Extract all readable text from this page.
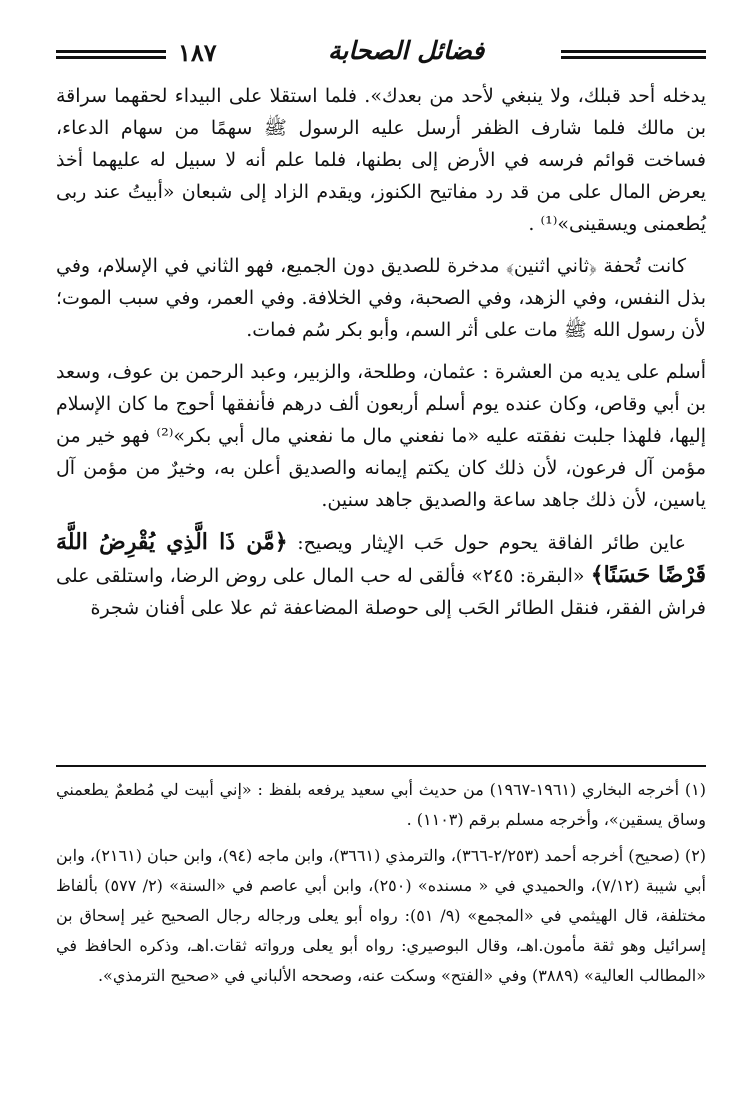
١٨٧	فضائل الصحابة

يدخله أحد قبلك، ولا ينبغي لأحد من بعدك». فلما استقلا على البيداء لحقهما سراقة بن مالك فلما شارف الظفر أرسل عليه الرسول ﷺ سهمًا من سهام الدعاء، فساخت قوائم فرسه في الأرض إلى بطنها، فلما علم أنه لا سبيل له عليهما أخذ يعرض المال على من قد رد مفاتيح الكنوز، ويقدم الزاد إلى شبعان «أبيتُ عند ربى يُطعمنى ويسقينى»⁽¹⁾ .

كانت تُحفة ﴿ثاني اثنين﴾ مدخرة للصديق دون الجميع، فهو الثاني في الإسلام، وفي بذل النفس، وفي الزهد، وفي الصحبة، وفي الخلافة. وفي العمر، وفي سبب الموت؛ لأن رسول الله ﷺ مات على أثر السم، وأبو بكر سُم فمات.

أسلم على يديه من العشرة : عثمان، وطلحة، والزبير، وعبد الرحمن بن عوف، وسعد بن أبي وقاص، وكان عنده يوم أسلم أربعون ألف درهم فأنفقها أحوج ما كان الإسلام إليها، فلهذا جلبت نفقته عليه «ما نفعني مال ما نفعني مال أبي بكر»⁽²⁾ فهو خير من مؤمن آل فرعون، لأن ذلك كان يكتم إيمانه والصديق أعلن به، وخيرٌ من مؤمن آل ياسين، لأن ذلك جاهد ساعة والصديق جاهد سنين.

عاين طائر الفاقة يحوم حول حَب الإيثار ويصيح: ﴿مَّن ذَا الَّذِي يُقْرِضُ اللَّهَ قَرْضًا حَسَنًا﴾ «البقرة: ٢٤٥» فألقى له حب المال على روض الرضا، واستلقى على فراش الفقر، فنقل الطائر الحَب إلى حوصلة المضاعفة ثم علا على أفنان شجرة

(١) أخرجه البخاري (١٩٦١-١٩٦٧) من حديث أبي سعيد يرفعه بلفظ : «إني أبيت لي مُطعمٌ يطعمني وساق يسقين»، وأخرجه مسلم برقم (١١٠٣) .

(٢) (صحيح) أخرجه أحمد (٢/٢٥٣-٣٦٦)، والترمذي (٣٦٦١)، وابن ماجه (٩٤)، وابن حبان (٢١٦١)، وابن أبي شيبة (٧/١٢)، والحميدي في « مسنده» (٢٥٠)، وابن أبي عاصم في «السنة» (٢/ ٥٧٧) بألفاظ مختلفة، قال الهيثمي في «المجمع» (٩/ ٥١): رواه أبو يعلى ورجاله رجال الصحيح غير إسحاق بن إسرائيل وهو ثقة مأمون.اهـ، وقال البوصيري: رواه أبو يعلى ورواته ثقات.اهـ، وذكره الحافظ في «المطالب العالية» (٣٨٨٩) وفي «الفتح» وسكت عنه، وصححه الألباني في «صحيح الترمذي».
